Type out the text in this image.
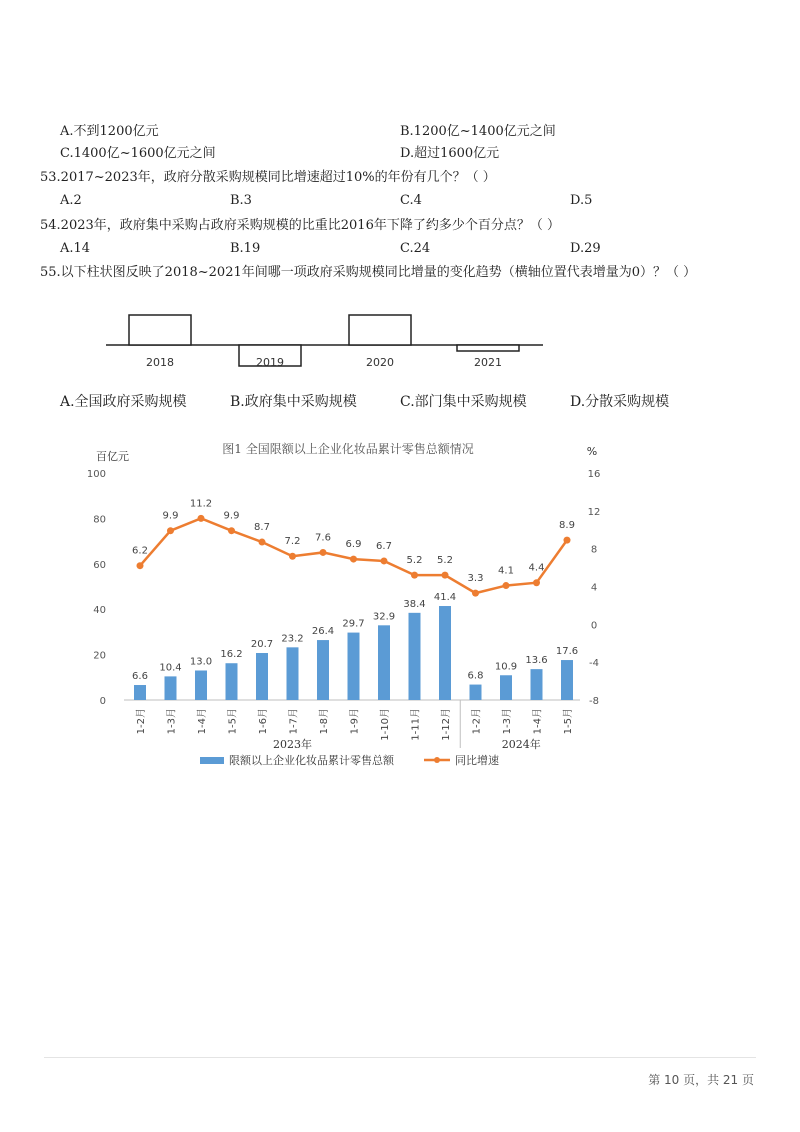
A.不到1200亿元	B.1200亿~1400亿元之间
C.1400亿~1600亿元之间	D.超过1600亿元
53.2017~2023年，政府分散采购规模同比增速超过10%的年份有几个？（ ）
A.2	B.3	C.4	D.5
54.2023年，政府集中采购占政府采购规模的比重比2016年下降了约多少个百分点？（ ）
A.14	B.19	C.24	D.29
55.以下柱状图反映了2018~2021年间哪一项政府采购规模同比增量的变化趋势（横轴位置代表增量为0）？（ ）
2018	2019	2020	2021
A.全国政府采购规模	B.政府集中采购规模	C.部门集中采购规模	D.分散采购规模
图1 全国限额以上企业化妆品累计零售总额情况
百亿元	%
0
20
40
60
80
100
-8
-4
0
4
8
12
16
6.6
10.4
13.0
16.2
20.7
23.2
26.4
29.7
32.9
38.4
41.4
6.8
10.9
13.6
17.6
6.2
9.9
11.2
9.9
8.7
7.2 7.6
6.9 6.7
5.2 5.2
3.3
4.1 4.4
8.9
1-2月 1-3月 1-4月 1-5月 1-6月 1-7月 1-8月 1-9月 1-10月 1-11月 1-12月 1-2月 1-3月 1-4月 1-5月
2023年	2024年
限额以上企业化妆品累计零售总额	同比增速
第 10 页，共 21 页
